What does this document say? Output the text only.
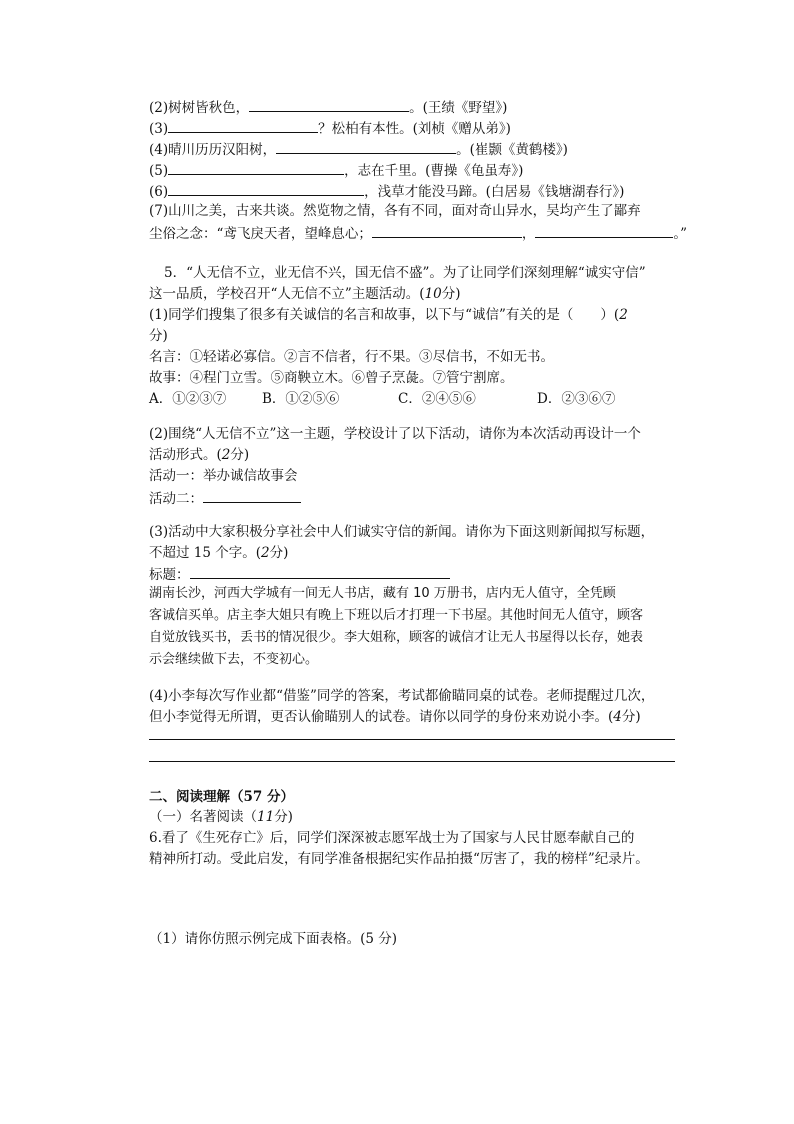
(2)树树皆秋色，	。(王绩《野望》)
(3)	？松柏有本性。(刘桢《赠从弟》)
(4)晴川历历汉阳树，	。(崔颢《黄鹤楼》)
(5)	，志在千里。(曹操《龟虽寿》)
(6)	，浅草才能没马蹄。(白居易《钱塘湖春行》)
(7)山川之美，古来共谈。然览物之情，各有不同，面对奇山异水，吴均产生了鄙弃
尘俗之念：“鸢飞戾天者，望峰息心；	，	。”
5．“人无信不立，业无信不兴，国无信不盛”。为了让同学们深刻理解“诚实守信”
这一品质，学校召开“人无信不立”主题活动。(10分)
(1)同学们搜集了很多有关诚信的名言和故事，以下与“诚信”有关的是（　　）(2
分)
名言：①轻诺必寡信。②言不信者，行不果。③尽信书，不如无书。
故事：④程门立雪。⑤商鞅立木。⑥曾子烹彘。⑦管宁割席。
A．①②③⑦	B．①②⑤⑥	C．②④⑤⑥	D．②③⑥⑦
(2)围绕“人无信不立”这一主题，学校设计了以下活动，请你为本次活动再设计一个
活动形式。(2分)
活动一：举办诚信故事会
活动二：
(3)活动中大家积极分享社会中人们诚实守信的新闻。请你为下面这则新闻拟写标题，
不超过 15 个字。(2分)
标题：
湖南长沙，河西大学城有一间无人书店，藏有 10 万册书，店内无人值守，全凭顾
客诚信买单。店主李大姐只有晚上下班以后才打理一下书屋。其他时间无人值守，顾客
自觉放钱买书，丢书的情况很少。李大姐称，顾客的诚信才让无人书屋得以长存，她表
示会继续做下去，不变初心。
(4)小李每次写作业都“借鉴”同学的答案，考试都偷瞄同桌的试卷。老师提醒过几次，
但小李觉得无所谓，更否认偷瞄别人的试卷。请你以同学的身份来劝说小李。(4分)
二、阅读理解（57 分）
（一）名著阅读（11分)
6.看了《生死存亡》后，同学们深深被志愿军战士为了国家与人民甘愿奉献自己的
精神所打动。受此启发，有同学准备根据纪实作品拍摄“厉害了，我的榜样”纪录片。
（1）请你仿照示例完成下面表格。(5 分)
